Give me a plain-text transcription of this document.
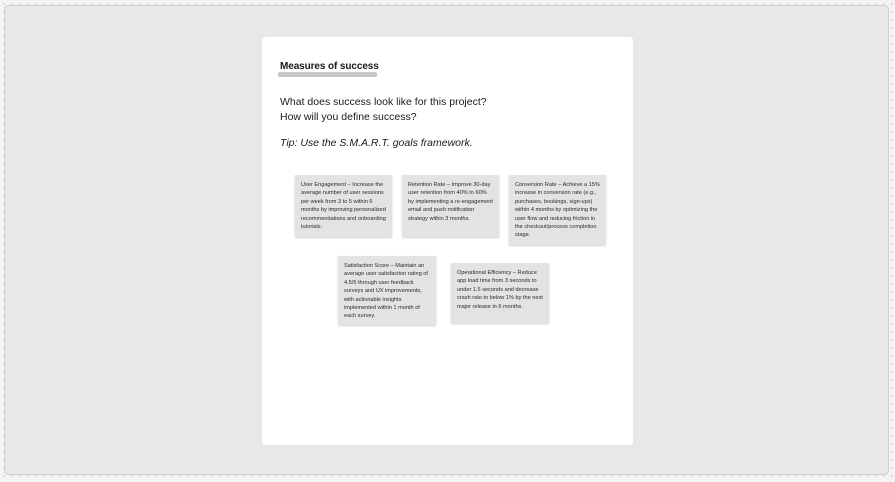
Measures of success
What does success look like for this project?
How will you define success?
Tip: Use the S.M.A.R.T. goals framework.
User Engagement – Increase the average number of user sessions per week from 3 to 5 within 6 months by improving personalized recommendations and onboarding tutorials.
Retention Rate – Improve 30-day user retention from 40% to 60% by implementing a re-engagement email and push notification strategy within 3 months.
Conversion Rate – Achieve a 15% increase in conversion rate (e.g., purchases, bookings, sign-ups) within 4 months by optimizing the user flow and reducing friction in the checkout/process completion stage.
Satisfaction Score – Maintain an average user satisfaction rating of 4.5/5 through user feedback surveys and UX improvements, with actionable insights implemented within 1 month of each survey.
Operational Efficiency – Reduce app load time from 3 seconds to under 1.5 seconds and decrease crash rate to below 1% by the next major release in 6 months.
